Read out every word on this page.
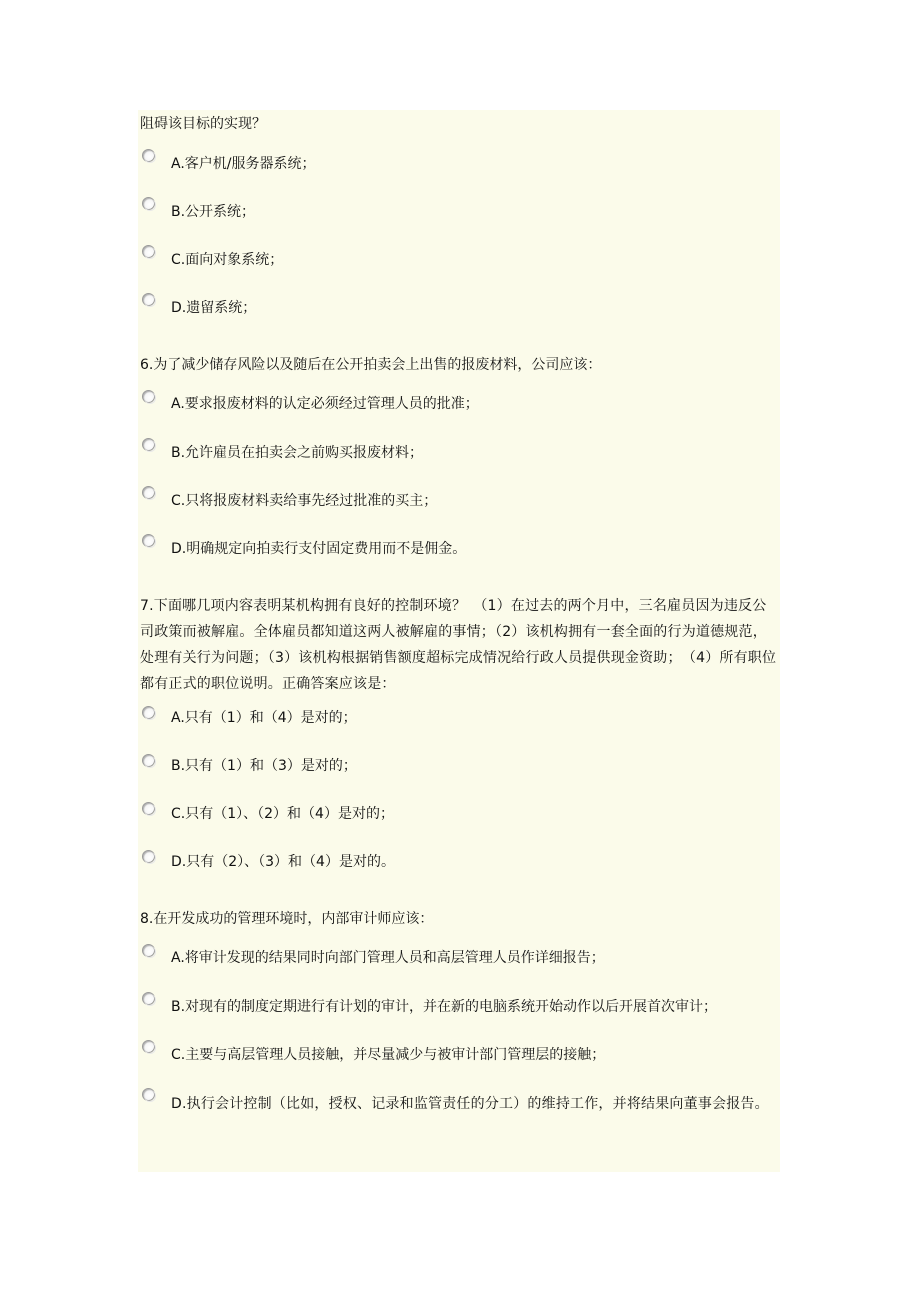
阻碍该目标的实现？
A.客户机/服务器系统；
B.公开系统；
C.面向对象系统；
D.遗留系统；
6.为了减少储存风险以及随后在公开拍卖会上出售的报废材料，公司应该：
A.要求报废材料的认定必须经过管理人员的批准；
B.允许雇员在拍卖会之前购买报废材料；
C.只将报废材料卖给事先经过批准的买主；
D.明确规定向拍卖行支付固定费用而不是佣金。
7.下面哪几项内容表明某机构拥有良好的控制环境？　（1）在过去的两个月中，三名雇员因为违反公司政策而被解雇。全体雇员都知道这两人被解雇的事情；（2）该机构拥有一套全面的行为道德规范，处理有关行为问题；（3）该机构根据销售额度超标完成情况给行政人员提供现金资助；　（4）所有职位都有正式的职位说明。正确答案应该是：
A.只有（1）和（4）是对的；
B.只有（1）和（3）是对的；
C.只有（1）、（2）和（4）是对的；
D.只有（2）、（3）和（4）是对的。
8.在开发成功的管理环境时，内部审计师应该：
A.将审计发现的结果同时向部门管理人员和高层管理人员作详细报告；
B.对现有的制度定期进行有计划的审计，并在新的电脑系统开始动作以后开展首次审计；
C.主要与高层管理人员接触，并尽量减少与被审计部门管理层的接触；
D.执行会计控制（比如，授权、记录和监管责任的分工）的维持工作，并将结果向董事会报告。
